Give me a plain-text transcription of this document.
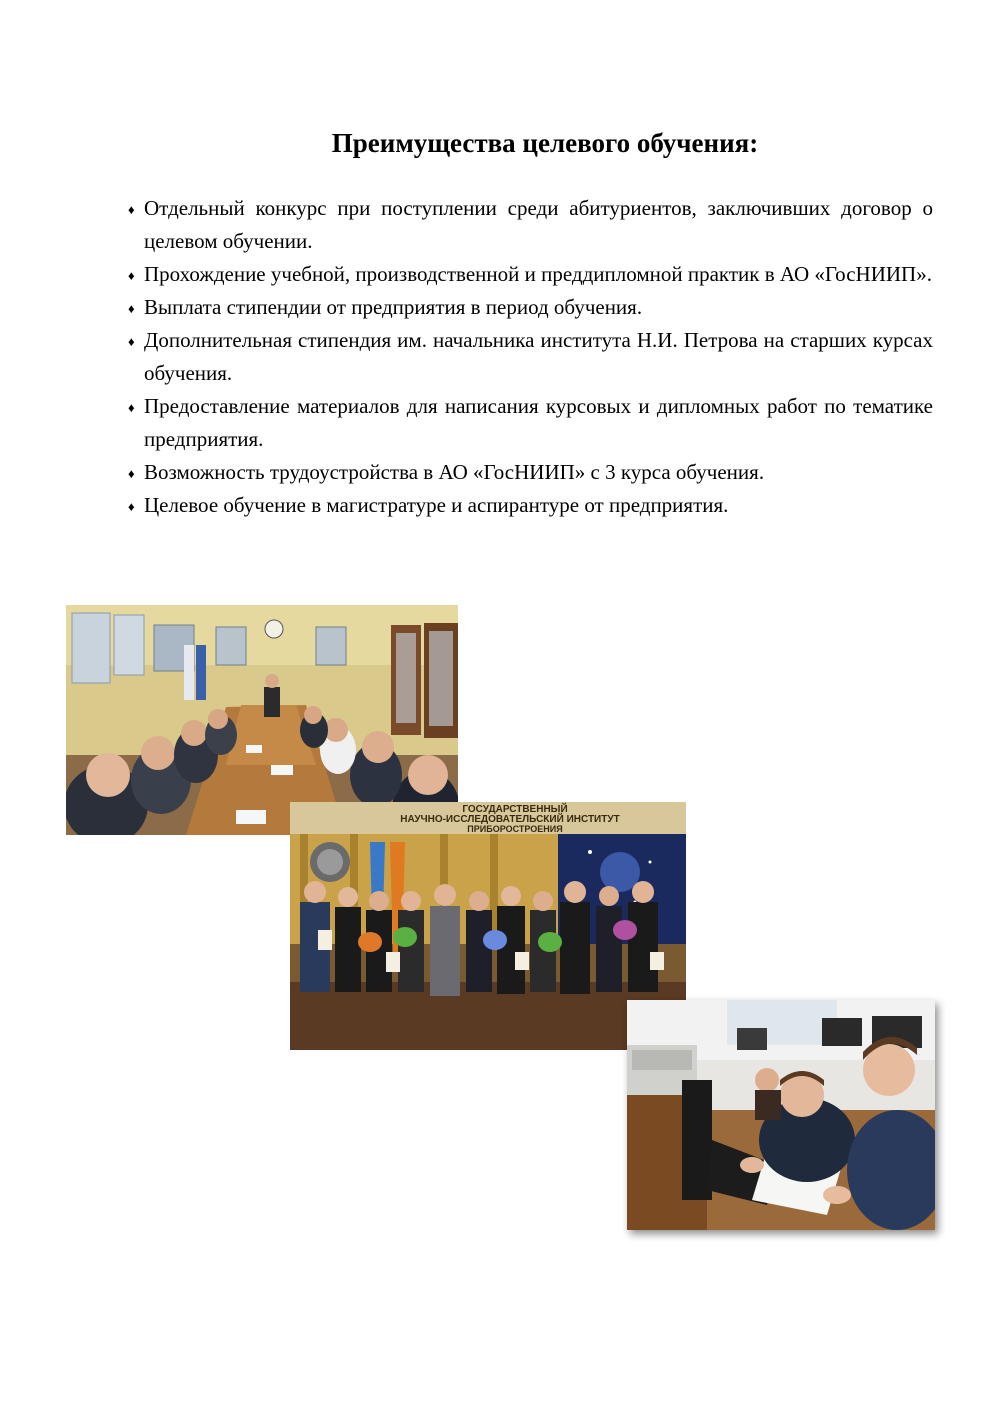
Преимущества целевого обучения:
♦ Отдельный конкурс при поступлении среди абитуриентов, заключивших договор о целевом обучении.
♦ Прохождение учебной, производственной и преддипломной практик в АО «ГосНИИП».
♦ Выплата стипендии от предприятия в период обучения.
♦ Дополнительная стипендия им. начальника института Н.И. Петрова на старших курсах обучения.
♦ Предоставление материалов для написания курсовых и дипломных работ по тематике предприятия.
♦ Возможность трудоустройства в АО «ГосНИИП» с 3 курса обучения.
♦ Целевое обучение в магистратуре и аспирантуре от предприятия.
ГОСУДАРСТВЕННЫЙ
НАУЧНО-ИССЛЕДОВАТЕЛЬСКИЙ ИНСТИТУТ
ПРИБОРОСТРОЕНИЯ
